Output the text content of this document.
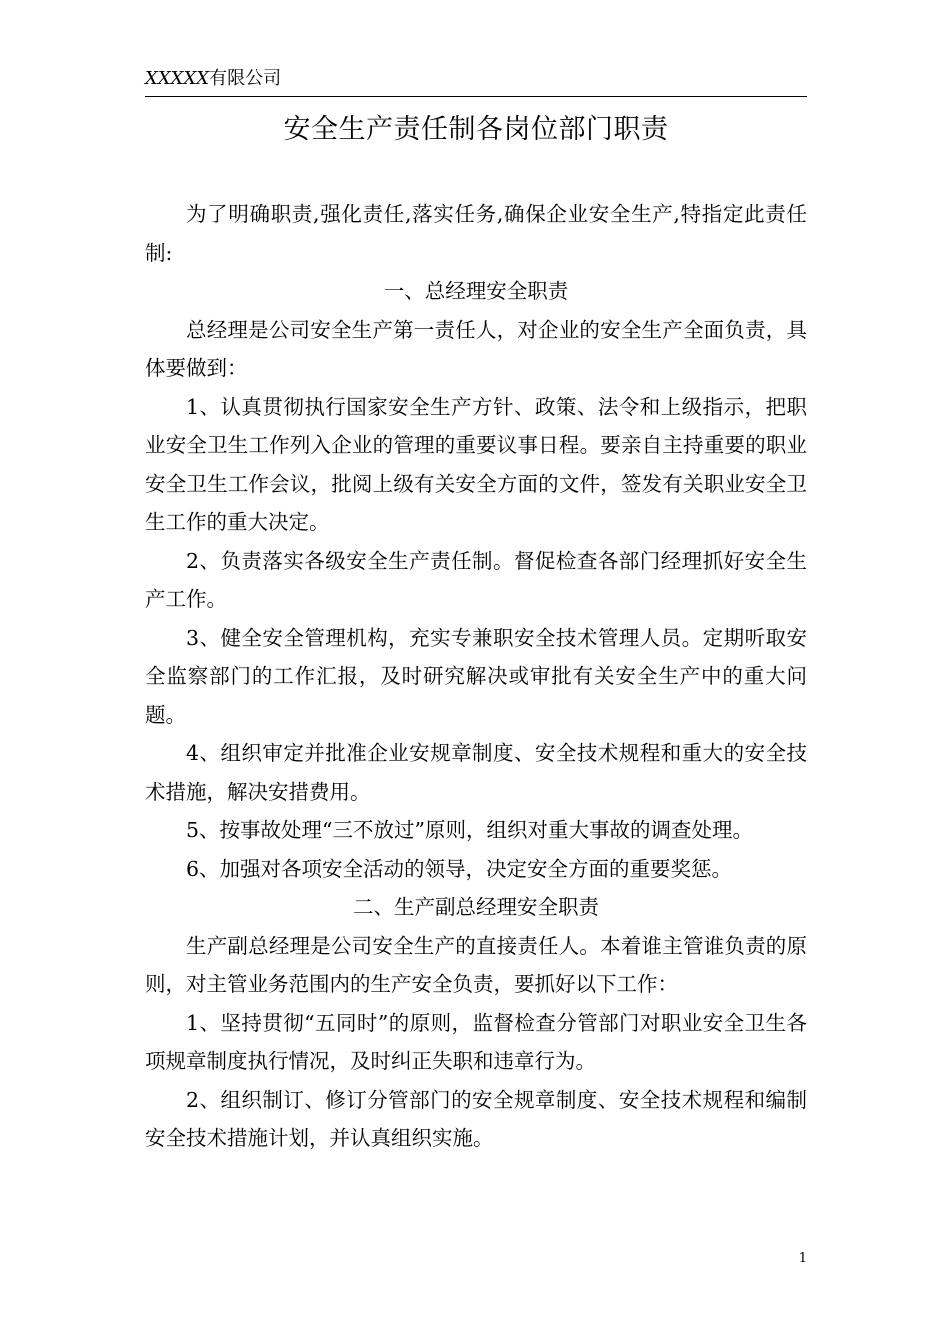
XXXXX有限公司
安全生产责任制各岗位部门职责

为了明确职责,强化责任,落实任务,确保企业安全生产,特指定此责任制:

一、总经理安全职责

总经理是公司安全生产第一责任人，对企业的安全生产全面负责，具体要做到：

1、认真贯彻执行国家安全生产方针、政策、法令和上级指示，把职业安全卫生工作列入企业的管理的重要议事日程。要亲自主持重要的职业安全卫生工作会议，批阅上级有关安全方面的文件，签发有关职业安全卫生工作的重大决定。

2、负责落实各级安全生产责任制。督促检查各部门经理抓好安全生产工作。

3、健全安全管理机构，充实专兼职安全技术管理人员。定期听取安全监察部门的工作汇报，及时研究解决或审批有关安全生产中的重大问题。

4、组织审定并批准企业安规章制度、安全技术规程和重大的安全技术措施，解决安措费用。

5、按事故处理“三不放过”原则，组织对重大事故的调查处理。

6、加强对各项安全活动的领导，决定安全方面的重要奖惩。

二、生产副总经理安全职责

生产副总经理是公司安全生产的直接责任人。本着谁主管谁负责的原则，对主管业务范围内的生产安全负责，要抓好以下工作：

1、坚持贯彻“五同时”的原则，监督检查分管部门对职业安全卫生各项规章制度执行情况，及时纠正失职和违章行为。

2、组织制订、修订分管部门的安全规章制度、安全技术规程和编制安全技术措施计划，并认真组织实施。

1
